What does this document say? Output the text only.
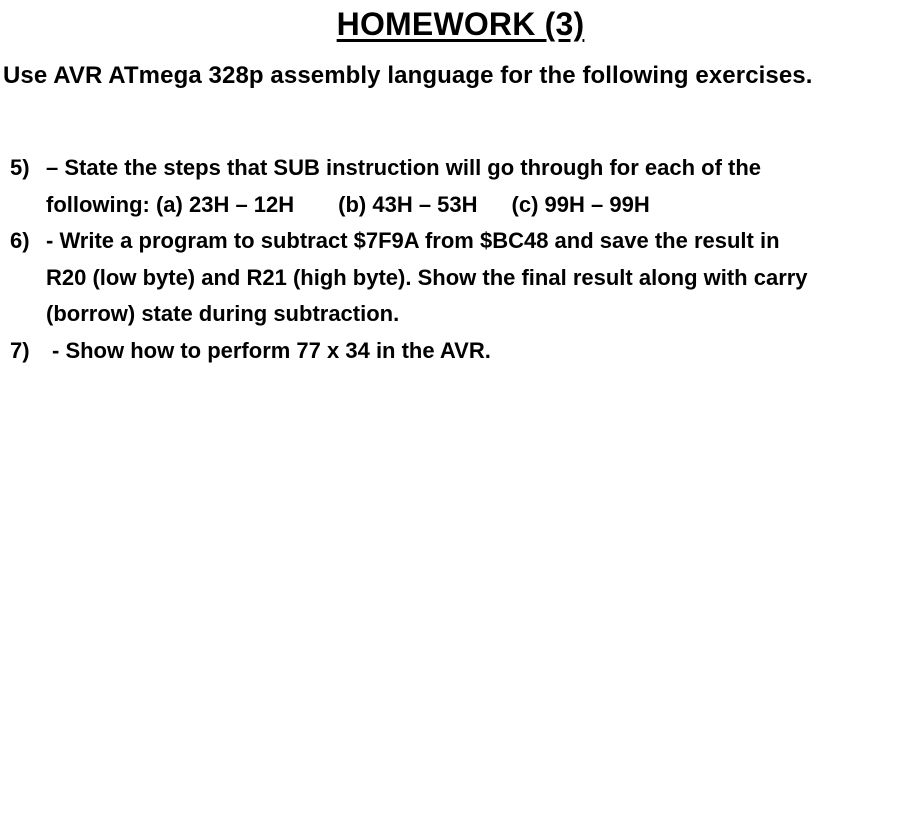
HOMEWORK (3)
Use AVR ATmega 328p assembly language for the following exercises.
5) – State the steps that SUB instruction will go through for each of the
following: (a) 23H – 12H (b) 43H – 53H (c) 99H – 99H
6) - Write a program to subtract $7F9A from $BC48 and save the result in
R20 (low byte) and R21 (high byte). Show the final result along with carry
(borrow) state during subtraction.
7)	- Show how to perform 77 x 34 in the AVR.
